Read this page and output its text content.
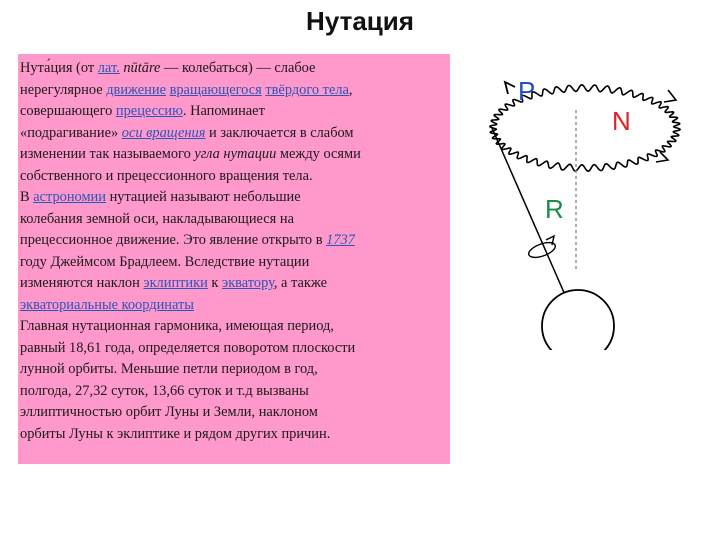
Нутация
Нута́ция (от лат. nūtāre — колебаться) — слабое
нерегулярное движение вращающегося твёрдого тела,
совершающего прецессию. Напоминает
«подрагивание» оси вращения и заключается в слабом
изменении так называемого угла нутации между осями
собственного и прецессионного вращения тела.
В астрономии нутацией называют небольшие
колебания земной оси, накладывающиеся на
прецессионное движение. Это явление открыто в 1737
году Джеймсом Брадлеем. Вследствие нутации
изменяются наклон эклиптики к экватору, а также
экваториальные координаты
Главная нутационная гармоника, имеющая период,
равный 18,61 года, определяется поворотом плоскости
лунной орбиты. Меньшие петли периодом в год,
полгода, 27,32 суток, 13,66 суток и т.д вызваны
эллиптичностью орбит Луны и Земли, наклоном
орбиты Луны к эклиптике и рядом других причин.
P
N
R
